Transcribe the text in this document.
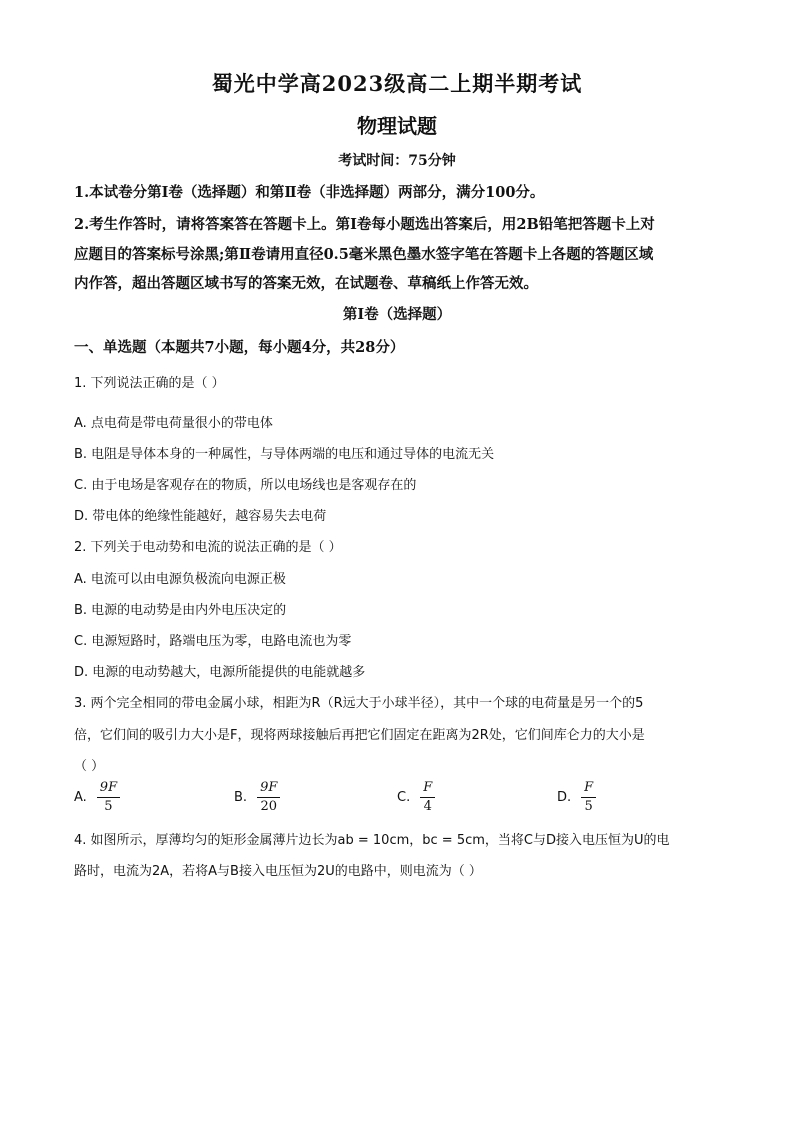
蜀光中学高2023级高二上期半期考试
物理试题
考试时间：75分钟
1.本试卷分第Ⅰ卷（选择题）和第Ⅱ卷（非选择题）两部分，满分100分。
2.考生作答时，请将答案答在答题卡上。第Ⅰ卷每小题选出答案后，用2B铅笔把答题卡上对
应题目的答案标号涂黑;第Ⅱ卷请用直径0.5毫米黑色墨水签字笔在答题卡上各题的答题区域
内作答，超出答题区域书写的答案无效，在试题卷、草稿纸上作答无效。
第Ⅰ卷（选择题）
一、单选题（本题共7小题，每小题4分，共28分）
1. 下列说法正确的是（ ）
A. 点电荷是带电荷量很小的带电体
B. 电阻是导体本身的一种属性，与导体两端的电压和通过导体的电流无关
C. 由于电场是客观存在的物质，所以电场线也是客观存在的
D. 带电体的绝缘性能越好，越容易失去电荷
2. 下列关于电动势和电流的说法正确的是（ ）
A. 电流可以由电源负极流向电源正极
B. 电源的电动势是由内外电压决定的
C. 电源短路时，路端电压为零，电路电流也为零
D. 电源的电动势越大，电源所能提供的电能就越多
3. 两个完全相同的带电金属小球，相距为R（R远大于小球半径），其中一个球的电荷量是另一个的5
倍，它们间的吸引力大小是F，现将两球接触后再把它们固定在距离为2R处，它们间库仑力的大小是
（ ）
A. $\frac{9F}{5}$	B. $\frac{9F}{20}$	C. $\frac{F}{4}$	D. $\frac{F}{5}$
4. 如图所示，厚薄均匀的矩形金属薄片边长为ab = 10cm，bc = 5cm，当将C与D接入电压恒为U的电
路时，电流为2A，若将A与B接入电压恒为2U的电路中，则电流为（ ）
